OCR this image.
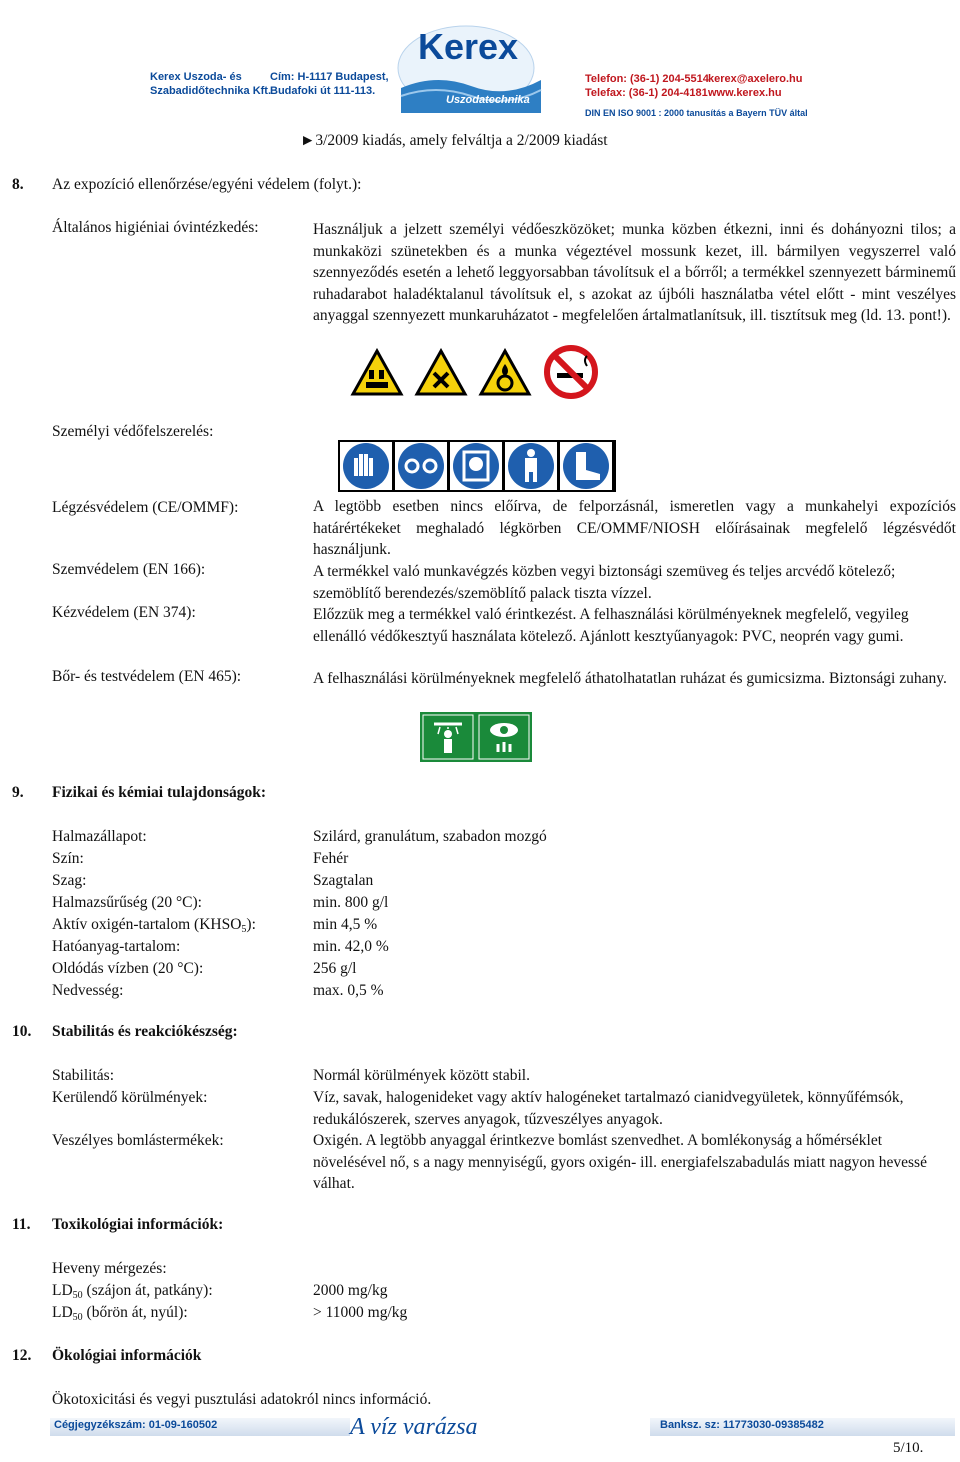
Kerex Uszoda- és
Szabadidőtechnika Kft.
Cím: H-1117 Budapest,
Budafoki út 111-113.
Kerex
Uszodatechnika
Telefon: (36-1) 204-5514
Telefax: (36-1) 204-4181
kerex@axelero.hu
www.kerex.hu
DIN EN ISO 9001 : 2000 tanusítás a Bayern TÜV által
►3/2009 kiadás, amely felváltja a 2/2009 kiadást
8. Az expozíció ellenőrzése/egyéni védelem (folyt.):
Általános higiéniai óvintézkedés:	Használjuk a jelzett személyi védőeszközöket; munka közben étkezni, inni és dohányozni tilos; a munkaközi szünetekben és a munka végeztével mossunk kezet, ill. bármilyen vegyszerrel való szennyeződés esetén a lehető leggyorsabban távolítsuk el a bőrről; a termékkel szennyezett bárminemű ruhadarabot haladéktalanul távolítsuk el, s azokat az újbóli használatba vétel előtt - mint veszélyes anyaggal szennyezett munkaruházatot - megfelelően ártalmatlanítsuk, ill. tisztítsuk meg (ld. 13. pont!).
Személyi védőfelszerelés:
Légzésvédelem (CE/OMMF):	A legtöbb esetben nincs előírva, de felporzásnál, ismeretlen vagy a munkahelyi expozíciós határértékeket meghaladó légkörben CE/OMMF/NIOSH előírásainak megfelelő légzésvédőt használjunk.
Szemvédelem (EN 166):	A termékkel való munkavégzés közben vegyi biztonsági szemüveg és teljes arcvédő kötelező; szemöblítő berendezés/szemöblítő palack tiszta vízzel.
Kézvédelem (EN 374):	Előzzük meg a termékkel való érintkezést. A felhasználási körülményeknek megfelelő, vegyileg ellenálló védőkesztyű használata kötelező. Ajánlott kesztyűanyagok: PVC, neoprén vagy gumi.
Bőr- és testvédelem (EN 465):	A felhasználási körülményeknek megfelelő áthatolhatatlan ruházat és gumicsizma. Biztonsági zuhany.
9. Fizikai és kémiai tulajdonságok:
Halmazállapot:	Szilárd, granulátum, szabadon mozgó
Szín:	Fehér
Szag:	Szagtalan
Halmazsűrűség (20 °C):	min. 800 g/l
Aktív oxigén-tartalom $(KHSO_5)$:	min 4,5 %
Hatóanyag-tartalom:	min. 42,0 %
Oldódás vízben (20 °C):	256 g/l
Nedvesség:	max. 0,5 %
10. Stabilitás és reakciókészség:
Stabilitás:	Normál körülmények között stabil.
Kerülendő körülmények:	Víz, savak, halogenideket vagy aktív halogéneket tartalmazó cianidvegyületek, könnyűfémsók, redukálószerek, szerves anyagok, tűzveszélyes anyagok.
Veszélyes bomlástermékek:	Oxigén. A legtöbb anyaggal érintkezve bomlást szenvedhet. A bomlékonyság a hőmérséklet növelésével nő, s a nagy mennyiségű, gyors oxigén- ill. energiafelszabadulás miatt nagyon hevessé válhat.
11. Toxikológiai információk:
Heveny mérgezés:
$LD_{50}$ (szájon át, patkány):	2000 mg/kg
$LD_{50}$ (bőrön át, nyúl):	> 11000 mg/kg
12. Ökológiai információk
Ökotoxicitási és vegyi pusztulási adatokról nincs információ.
Cégjegyzékszám: 01-09-160502	A víz varázsa	Banksz. sz: 11773030-09385482
5/10.
